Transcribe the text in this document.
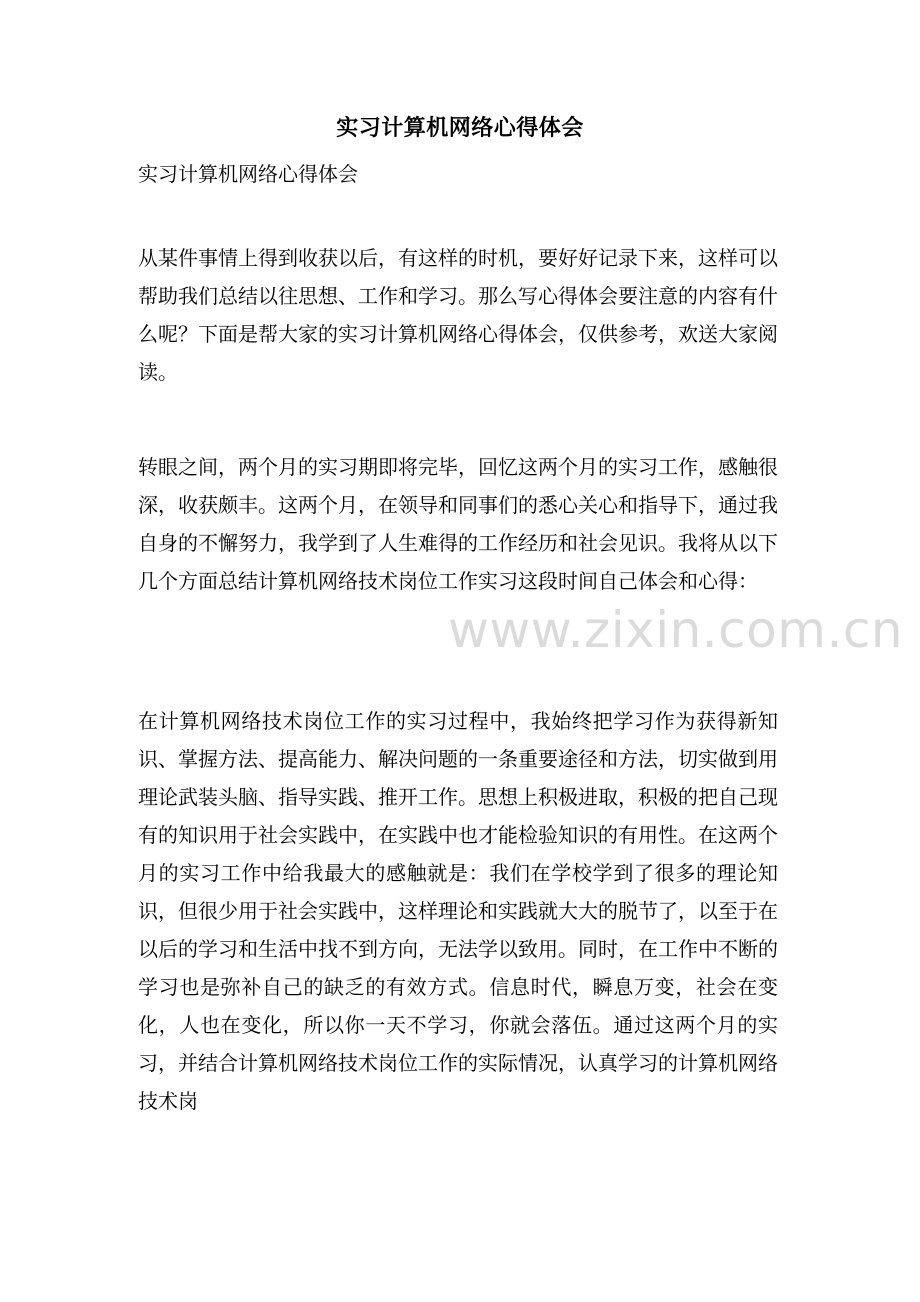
实习计算机网络心得体会
实习计算机网络心得体会

从某件事情上得到收获以后，有这样的时机，要好好记录下来，这样可以帮助我们总结以往思想、工作和学习。那么写心得体会要注意的内容有什么呢？下面是帮大家的实习计算机网络心得体会，仅供参考，欢送大家阅读。

转眼之间，两个月的实习期即将完毕，回忆这两个月的实习工作，感触很深，收获颇丰。这两个月，在领导和同事们的悉心关心和指导下，通过我自身的不懈努力，我学到了人生难得的工作经历和社会见识。我将从以下几个方面总结计算机网络技术岗位工作实习这段时间自己体会和心得：

在计算机网络技术岗位工作的实习过程中，我始终把学习作为获得新知识、掌握方法、提高能力、解决问题的一条重要途径和方法，切实做到用理论武装头脑、指导实践、推开工作。思想上积极进取，积极的把自己现有的知识用于社会实践中，在实践中也才能检验知识的有用性。在这两个月的实习工作中给我最大的感触就是：我们在学校学到了很多的理论知识，但很少用于社会实践中，这样理论和实践就大大的脱节了，以至于在以后的学习和生活中找不到方向，无法学以致用。同时，在工作中不断的学习也是弥补自己的缺乏的有效方式。信息时代，瞬息万变，社会在变化，人也在变化，所以你一天不学习，你就会落伍。通过这两个月的实习，并结合计算机网络技术岗位工作的实际情况，认真学习的计算机网络技术岗

www.zixin.com.cn
